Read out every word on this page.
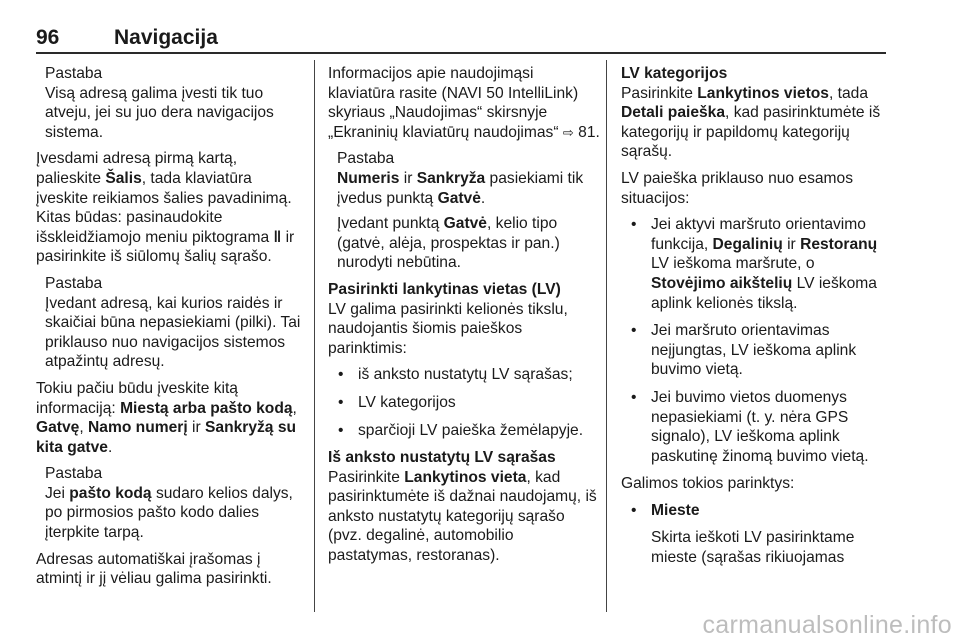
96	Navigacija
Pastaba
Visą adresą galima įvesti tik tuo atveju, jei su juo dera navigacijos sistema.

Įvesdami adresą pirmą kartą, palieskite Šalis, tada klaviatūra įveskite reikiamos šalies pavadinimą. Kitas būdas: pasinaudokite išskleidžiamojo meniu piktograma ‖ ir pasirinkite iš siūlomų šalių sąrašo.

Pastaba
Įvedant adresą, kai kurios raidės ir skaičiai būna nepasiekiami (pilki). Tai priklauso nuo navigacijos sistemos atpažintų adresų.

Tokiu pačiu būdu įveskite kitą informaciją: Miestą arba pašto kodą, Gatvę, Namo numerį ir Sankryžą su kita gatve.

Pastaba
Jei pašto kodą sudaro kelios dalys, po pirmosios pašto kodo dalies įterpkite tarpą.

Adresas automatiškai įrašomas į atmintį ir jį vėliau galima pasirinkti.

Informacijos apie naudojimąsi klaviatūra rasite (NAVI 50 IntelliLink) skyriaus „Naudojimas“ skirsnyje „Ekraninių klaviatūrų naudojimas“ ⇨ 81.

Pastaba

Numeris ir Sankryža pasiekiami tik įvedus punktą Gatvė.

Įvedant punktą Gatvė, kelio tipo (gatvė, alėja, prospektas ir pan.) nurodyti nebūtina.

Pasirinkti lankytinas vietas (LV)

LV galima pasirinkti kelionės tikslu, naudojantis šiomis paieškos parinktimis:

• iš anksto nustatytų LV sąrašas;
• LV kategorijos
• sparčioji LV paieška žemėlapyje.
Iš anksto nustatytų LV sąrašas

Pasirinkite Lankytinos vieta, kad pasirinktumėte iš dažnai naudojamų, iš anksto nustatytų kategorijų sąrašo (pvz. degalinė, automobilio pastatymas, restoranas).

LV kategorijos

Pasirinkite Lankytinos vietos, tada Detali paieška, kad pasirinktumėte iš kategorijų ir papildomų kategorijų sąrašų.

LV paieška priklauso nuo esamos situacijos:

• Jei aktyvi maršruto orientavimo funkcija, Degalinių ir Restoranų LV ieškoma maršrute, o Stovėjimo aikštelių LV ieškoma aplink kelionės tikslą.
• Jei maršruto orientavimas neįjungtas, LV ieškoma aplink buvimo vietą.
• Jei buvimo vietos duomenys nepasiekiami (t. y. nėra GPS signalo), LV ieškoma aplink paskutinę žinomą buvimo vietą.

Galimos tokios parinktys:

• Mieste
Skirta ieškoti LV pasirinktame mieste (sąrašas rikiuojamas
carmanualsonline.info
